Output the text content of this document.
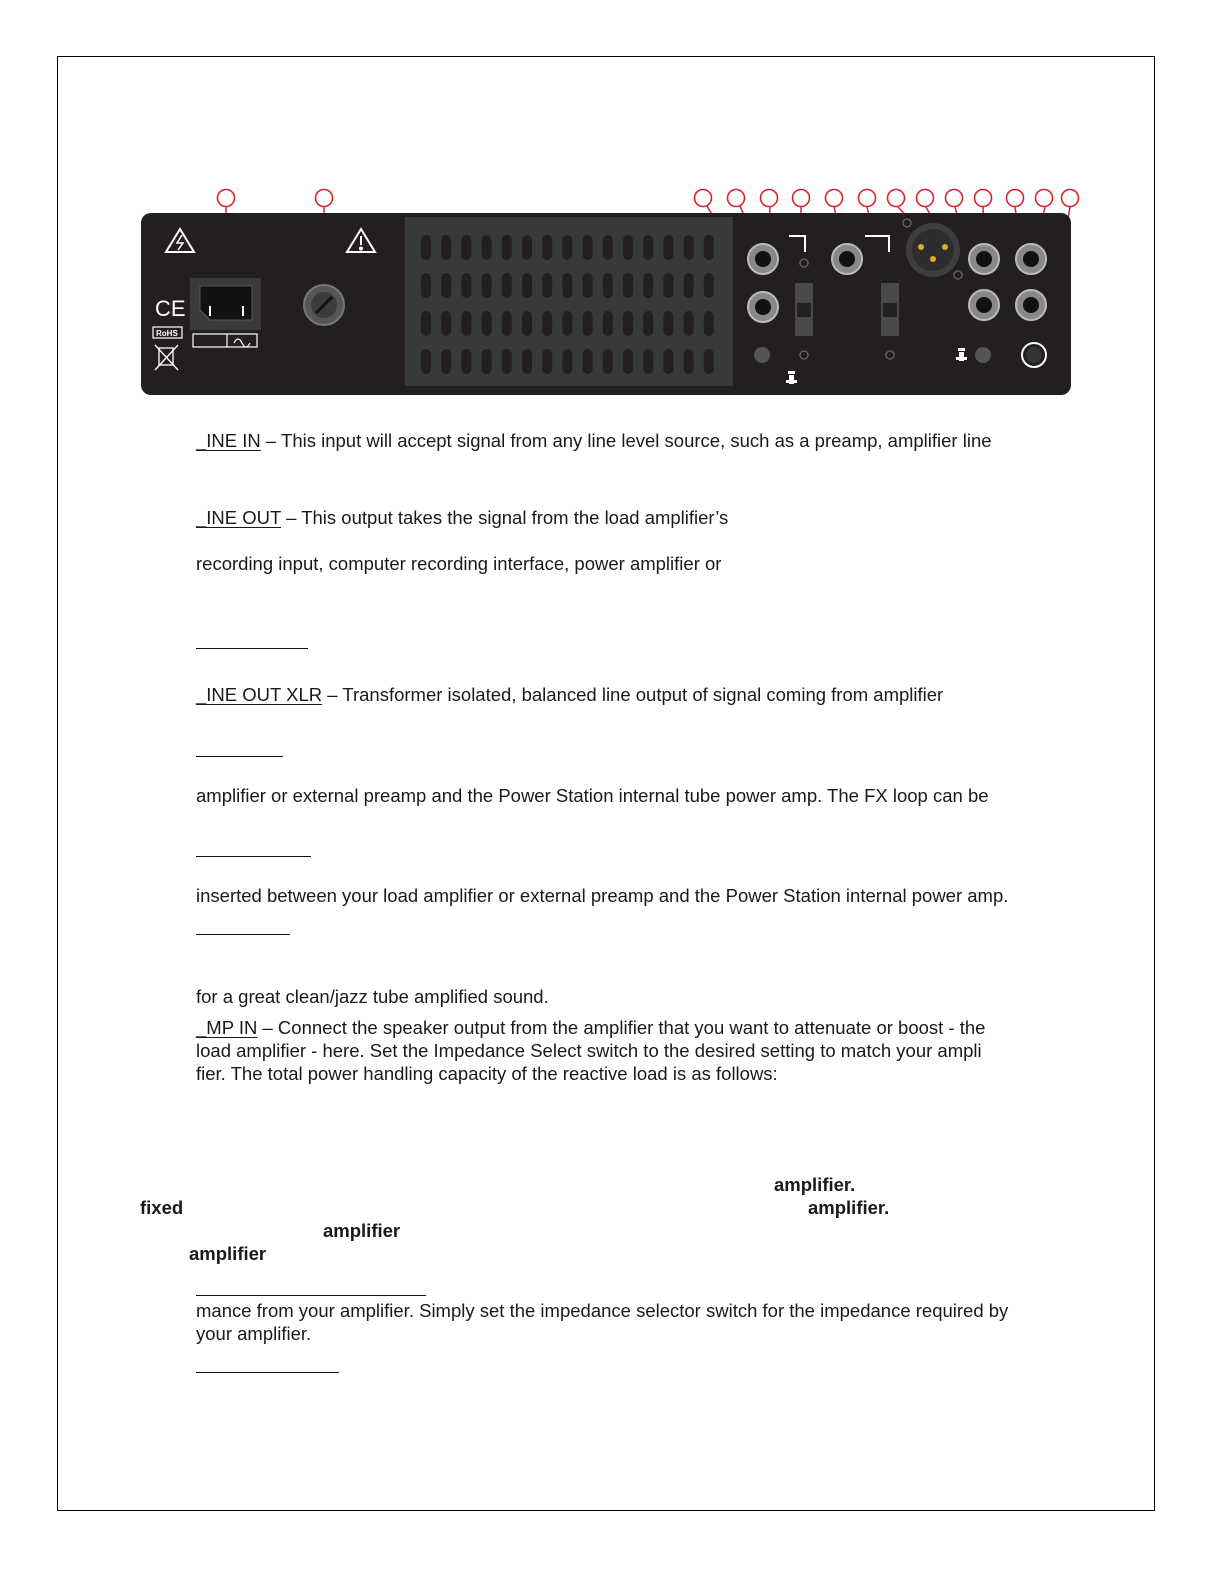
CE
RoHS
_INE IN – This input will accept signal from any line level source, such as a preamp, amplifier line
_INE OUT – This output takes the signal from the load amplifier’s
recording input, computer recording interface, power amplifier or
_INE OUT XLR – Transformer isolated, balanced line output of signal coming from amplifier
amplifier or external preamp and the Power Station internal tube power amp. The FX loop can be
inserted between your load amplifier or external preamp and the Power Station internal power amp.
for a great clean/jazz tube amplified sound.
_MP IN – Connect the speaker output from the amplifier that you want to attenuate or boost - the
load amplifier - here. Set the Impedance Select switch to the desired setting to match your ampli
fier. The total power handling capacity of the reactive load is as follows:
amplifier.
fixed	amplifier.
amplifier
amplifier
mance from your amplifier. Simply set the impedance selector switch for the impedance required by
your amplifier.
